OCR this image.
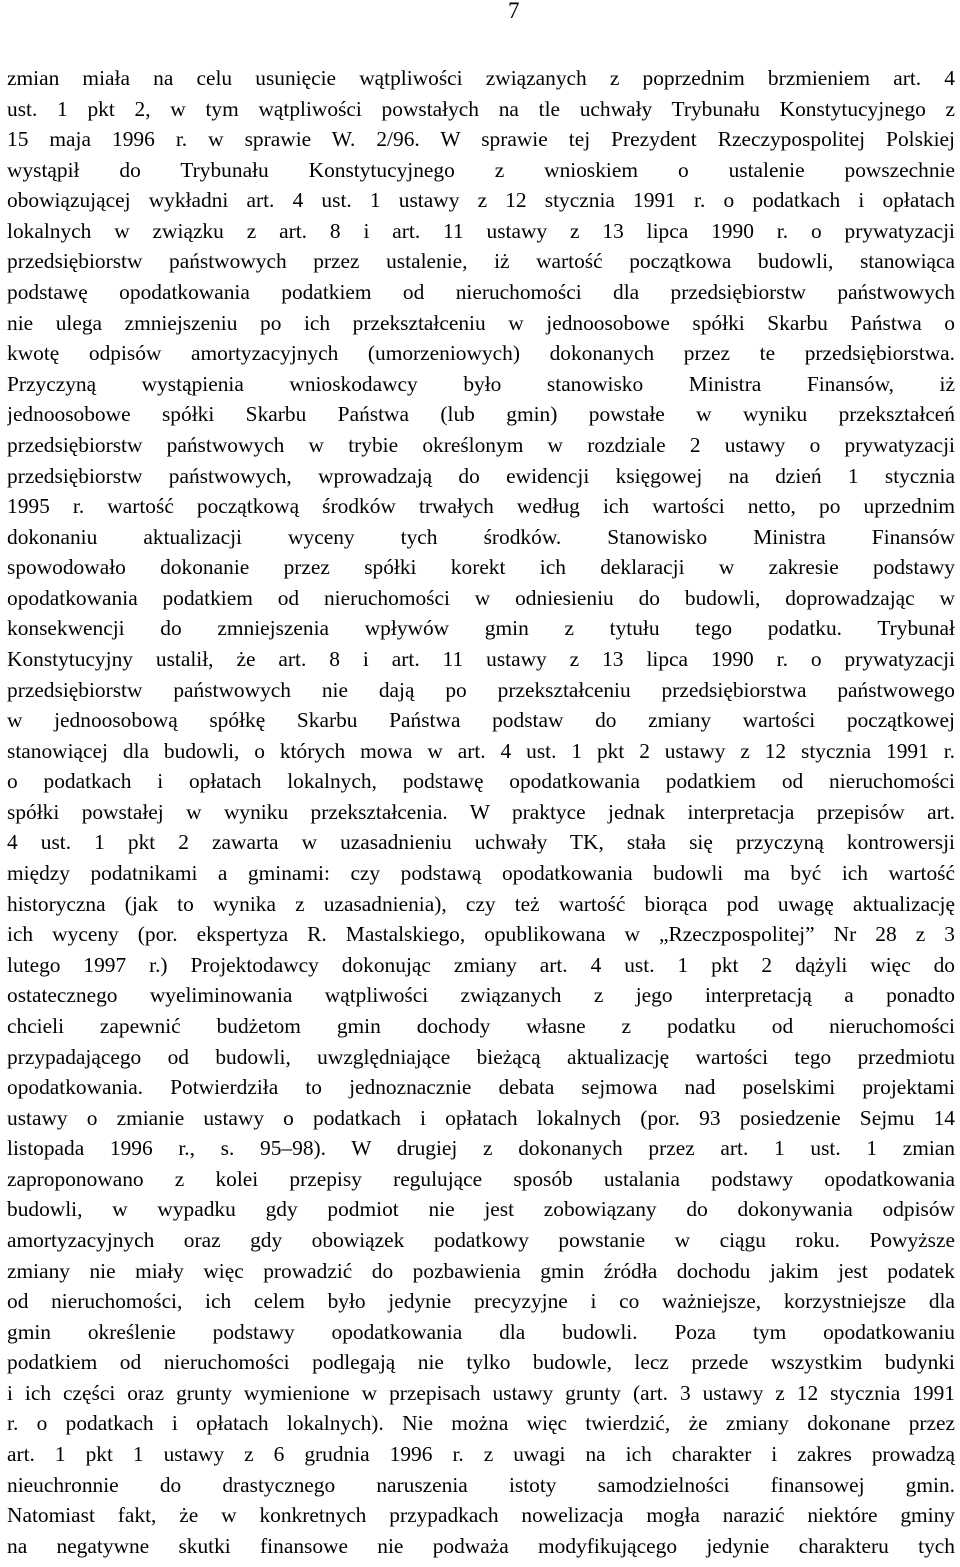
7
zmian miała na celu usunięcie wątpliwości związanych z poprzednim brzmieniem art. 4
ust. 1 pkt 2, w tym wątpliwości powstałych na tle uchwały Trybunału Konstytucyjnego z
15 maja 1996 r. w sprawie W. 2/96. W sprawie tej Prezydent Rzeczypospolitej Polskiej
wystąpił do Trybunału Konstytucyjnego z wnioskiem o ustalenie powszechnie
obowiązującej wykładni art. 4 ust. 1 ustawy z 12 stycznia 1991 r. o podatkach i opłatach
lokalnych w związku z art. 8 i art. 11 ustawy z 13 lipca 1990 r. o prywatyzacji
przedsiębiorstw państwowych przez ustalenie, iż wartość początkowa budowli, stanowiąca
podstawę opodatkowania podatkiem od nieruchomości dla przedsiębiorstw państwowych
nie ulega zmniejszeniu po ich przekształceniu w jednoosobowe spółki Skarbu Państwa o
kwotę odpisów amortyzacyjnych (umorzeniowych) dokonanych przez te przedsiębiorstwa.
Przyczyną wystąpienia wnioskodawcy było stanowisko Ministra Finansów, iż
jednoosobowe spółki Skarbu Państwa (lub gmin) powstałe w wyniku przekształceń
przedsiębiorstw państwowych w trybie określonym w rozdziale 2 ustawy o prywatyzacji
przedsiębiorstw państwowych, wprowadzają do ewidencji księgowej na dzień 1 stycznia
1995 r. wartość początkową środków trwałych według ich wartości netto, po uprzednim
dokonaniu aktualizacji wyceny tych środków. Stanowisko Ministra Finansów
spowodowało dokonanie przez spółki korekt ich deklaracji w zakresie podstawy
opodatkowania podatkiem od nieruchomości w odniesieniu do budowli, doprowadzając w
konsekwencji do zmniejszenia wpływów gmin z tytułu tego podatku. Trybunał
Konstytucyjny ustalił, że art. 8 i art. 11 ustawy z 13 lipca 1990 r. o prywatyzacji
przedsiębiorstw państwowych nie dają po przekształceniu przedsiębiorstwa państwowego
w jednoosobową spółkę Skarbu Państwa podstaw do zmiany wartości początkowej
stanowiącej dla budowli, o których mowa w art. 4 ust. 1 pkt 2 ustawy z 12 stycznia 1991 r.
o podatkach i opłatach lokalnych, podstawę opodatkowania podatkiem od nieruchomości
spółki powstałej w wyniku przekształcenia. W praktyce jednak interpretacja przepisów art.
4 ust. 1 pkt 2 zawarta w uzasadnieniu uchwały TK, stała się przyczyną kontrowersji
między podatnikami a gminami: czy podstawą opodatkowania budowli ma być ich wartość
historyczna (jak to wynika z uzasadnienia), czy też wartość biorąca pod uwagę aktualizację
ich wyceny (por. ekspertyza R. Mastalskiego, opublikowana w „Rzeczpospolitej” Nr 28 z 3
lutego 1997 r.) Projektodawcy dokonując zmiany art. 4 ust. 1 pkt 2 dążyli więc do
ostatecznego wyeliminowania wątpliwości związanych z jego interpretacją a ponadto
chcieli zapewnić budżetom gmin dochody własne z podatku od nieruchomości
przypadającego od budowli, uwzględniające bieżącą aktualizację wartości tego przedmiotu
opodatkowania. Potwierdziła to jednoznacznie debata sejmowa nad poselskimi projektami
ustawy o zmianie ustawy o podatkach i opłatach lokalnych (por. 93 posiedzenie Sejmu 14
listopada 1996 r., s. 95–98). W drugiej z dokonanych przez art. 1 ust. 1 zmian
zaproponowano z kolei przepisy regulujące sposób ustalania podstawy opodatkowania
budowli, w wypadku gdy podmiot nie jest zobowiązany do dokonywania odpisów
amortyzacyjnych oraz gdy obowiązek podatkowy powstanie w ciągu roku. Powyższe
zmiany nie miały więc prowadzić do pozbawienia gmin źródła dochodu jakim jest podatek
od nieruchomości, ich celem było jedynie precyzyjne i co ważniejsze, korzystniejsze dla
gmin określenie podstawy opodatkowania dla budowli. Poza tym opodatkowaniu
podatkiem od nieruchomości podlegają nie tylko budowle, lecz przede wszystkim budynki
i ich części oraz grunty wymienione w przepisach ustawy grunty (art. 3 ustawy z 12 stycznia 1991
r. o podatkach i opłatach lokalnych). Nie można więc twierdzić, że zmiany dokonane przez
art. 1 pkt 1 ustawy z 6 grudnia 1996 r. z uwagi na ich charakter i zakres prowadzą
nieuchronnie do drastycznego naruszenia istoty samodzielności finansowej gmin.
Natomiast fakt, że w konkretnych przypadkach nowelizacja mogła narazić niektóre gminy
na negatywne skutki finansowe nie podważa modyfikującego jedynie charakteru tych
